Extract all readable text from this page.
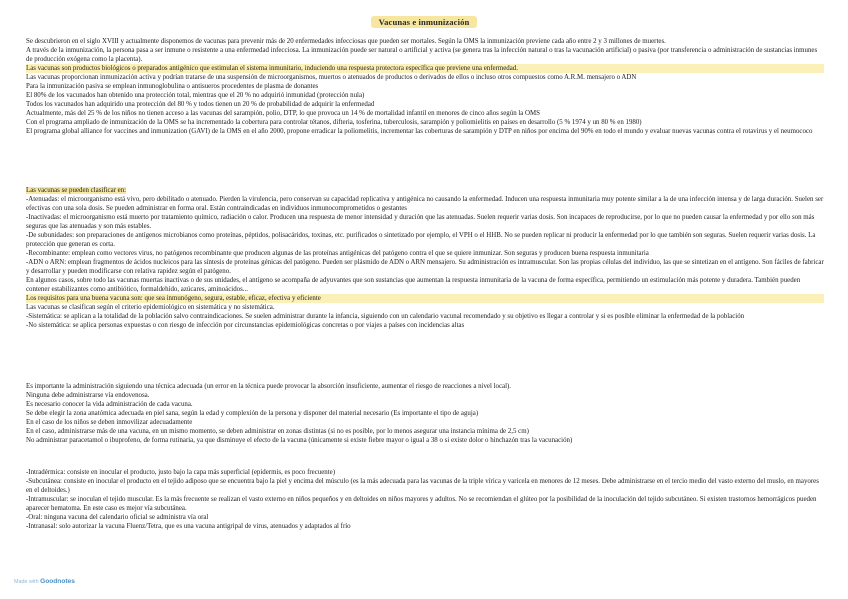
Vacunas e inmunización
Se descubrieron en el siglo XVIII y actualmente disponemos de vacunas para prevenir más de 20 enfermedades infecciosas que pueden ser mortales. Según la OMS la inmunización previene cada año entre 2 y 3 millones de muertes.
A través de la inmunización, la persona pasa a ser inmune o resistente a una enfermedad infecciosa. La inmunización puede ser natural o artificial y activa (se genera tras la infección natural o tras la vacunación artificial) o pasiva (por transferencia o administración de sustancias inmunes de producción exógena como la placenta).
Las vacunas son productos biológicos o preparados antigénico que estimulan el sistema inmunitario, induciendo una respuesta protectora específica que previene una enfermedad.
Las vacunas proporcionan inmunización activa y podrían tratarse de una suspensión de microorganismos, muertos o atenuados de productos o derivados de ellos o incluso otros compuestos como A.R.M. mensajero o ADN
Para la inmunización pasiva se emplean inmunoglobulina o antisueros procedentes de plasma de donantes
El 80% de los vacunados han obtenido una protección total, mientras que el 20 % no adquirió inmunidad (protección nula)
Todos los vacunados han adquirido una protección del 80 % y todos tienen un 20 % de probabilidad de adquirir la enfermedad
Actualmente, más del 25 % de los niños no tienen acceso a las vacunas del sarampión, polio, DTP, lo que provoca un 14 % de mortalidad infantil en menores de cinco años según la OMS
Con el programa ampliado de inmunización de la OMS se ha incrementado la cobertura para controlar tétanos, difteria, tosferina, tuberculosis, sarampión y poliomielitis en países en desarrollo (5 % 1974 y un 80 % en 1980)
El programa global alliance for vaccines and inmunization (GAVI) de la OMS en el año 2000, propone erradicar la poliomelitis, incrementar las coberturas de sarampión y DTP en niños por encima del 90% en todo el mundo y evaluar nuevas vacunas contra el rotavirus y el neumococo
Las vacunas se pueden clasificar en:
-Atenuadas: el microorganismo está vivo, pero debilitado o atenuado. Pierden la virulencia, pero conservan su capacidad replicativa y antigénica no causando la enfermedad. Inducen una respuesta inmunitaria muy potente similar a la de una infección intensa y de larga duración. Suelen ser efectivas con una sola dosis. Se pueden administrar en forma oral. Están contraindicadas en individuos inmunocomprometidos o gestantes
-Inactivadas: el microorganismo está muerto por tratamiento químico, radiación o calor. Producen una respuesta de menor intensidad y duración que las atenuadas. Suelen requerir varias dosis. Son incapaces de reproducirse, por lo que no pueden causar la enfermedad y por ello son más seguras que las atenuadas y son más estables.
-De subunidades: son preparaciones de antígenos microbianos como proteínas, péptidos, polisacáridos, toxinas, etc. purificados o sintetizado por ejemplo, el VPH o el HHB. No se pueden replicar ni producir la enfermedad por lo que también son seguras. Suelen requerir varias dosis. La protección que generan es corta.
-Recombinante: emplean como vectores virus, no patógenos recombinante que producen algunas de las proteínas antigénicas del patógeno contra el que se quiere inmunizar. Son seguras y producen buena respuesta inmunitaria
-ADN o ARN: emplean fragmentos de ácidos nucleicos para las síntesis de proteínas génicas del patógeno. Pueden ser plásmido de ADN o ARN mensajero. Su administración es intramuscular. Son las propias células del individuo, las que se sintetizan en el antígeno. Son fáciles de fabricar y desarrollar y pueden modificarse con relativa rapidez según el patógeno.
En algunos casos, sobre todo las vacunas muertas inactivas o de sus unidades, el antígeno se acompaña de adyuvantes que son sustancias que aumentan la respuesta inmunitaria de la vacuna de forma específica, permitiendo un estimulación más potente y duradera. También pueden contener estabilizantes como antibiótico, formaldehído, azúcares, aminoácidos...
Los requisitos para una buena vacuna son: que sea inmunógeno, segura, estable, eficaz, efectiva y eficiente
Las vacunas se clasifican según el criterio epidemiológico en sistemática y no sistemática.
-Sistemática: se aplican a la totalidad de la población salvo contraindicaciones. Se suelen administrar durante la infancia, siguiendo con un calendario vacunal recomendado y su objetivo es llegar a controlar y si es posible eliminar la enfermedad de la población
-No sistemática: se aplica personas expuestas o con riesgo de infección por circunstancias epidemiológicas concretas o por viajes a países con incidencias altas
Es importante la administración siguiendo una técnica adecuada (un error en la técnica puede provocar la absorción insuficiente, aumentar el riesgo de reacciones a nivel local).
Ninguna debe administrarse vía endovenosa.
Es necesario conocer la vida administración de cada vacuna.
Se debe elegir la zona anatómica adecuada en piel sana, según la edad y complexión de la persona y disponer del material necesario (Es importante el tipo de aguja)
En el caso de los niños se deben inmovilizar adecuadamente
En el caso, administrarse más de una vacuna, en un mismo momento, se deben administrar en zonas distintas (si no es posible, por lo menos asegurar una instancia mínima de 2,5 cm)
No administrar paracetamol o ibuprofeno, de forma rutinaria, ya que disminuye el efecto de la vacuna (únicamente si existe fiebre mayor o igual a 38 o si existe dolor o hinchazón tras la vacunación)
-Intradérmica: consiste en inocular el producto, justo bajo la capa más superficial (epidermis, es poco frecuente)
-Subcutánea: consiste en inocular el producto en el tejido adiposo que se encuentra bajo la piel y encima del músculo (es la más adecuada para las vacunas de la triple vírica y varicela en menores de 12 meses. Debe administrarse en el tercio medio del vasto externo del muslo, en mayores en el deltoides.)
-Intramuscular: se inoculan el tejido muscular. Es la más frecuente se realizan el vasto externo en niños pequeños y en deltoides en niños mayores y adultos. No se recomiendan el glúteo por la posibilidad de la inoculación del tejido subcutáneo. Si existen trastornos hemorrágicos pueden aparecer hematoma. En este caso es mejor vía subcutánea.
-Oral: ninguna vacuna del calendario oficial se administra vía oral
-Intranasal: solo autorizar la vacuna Fluenz/Tetra, que es una vacuna antigripal de virus, atenuados y adaptados al frío
Made with Goodnotes
